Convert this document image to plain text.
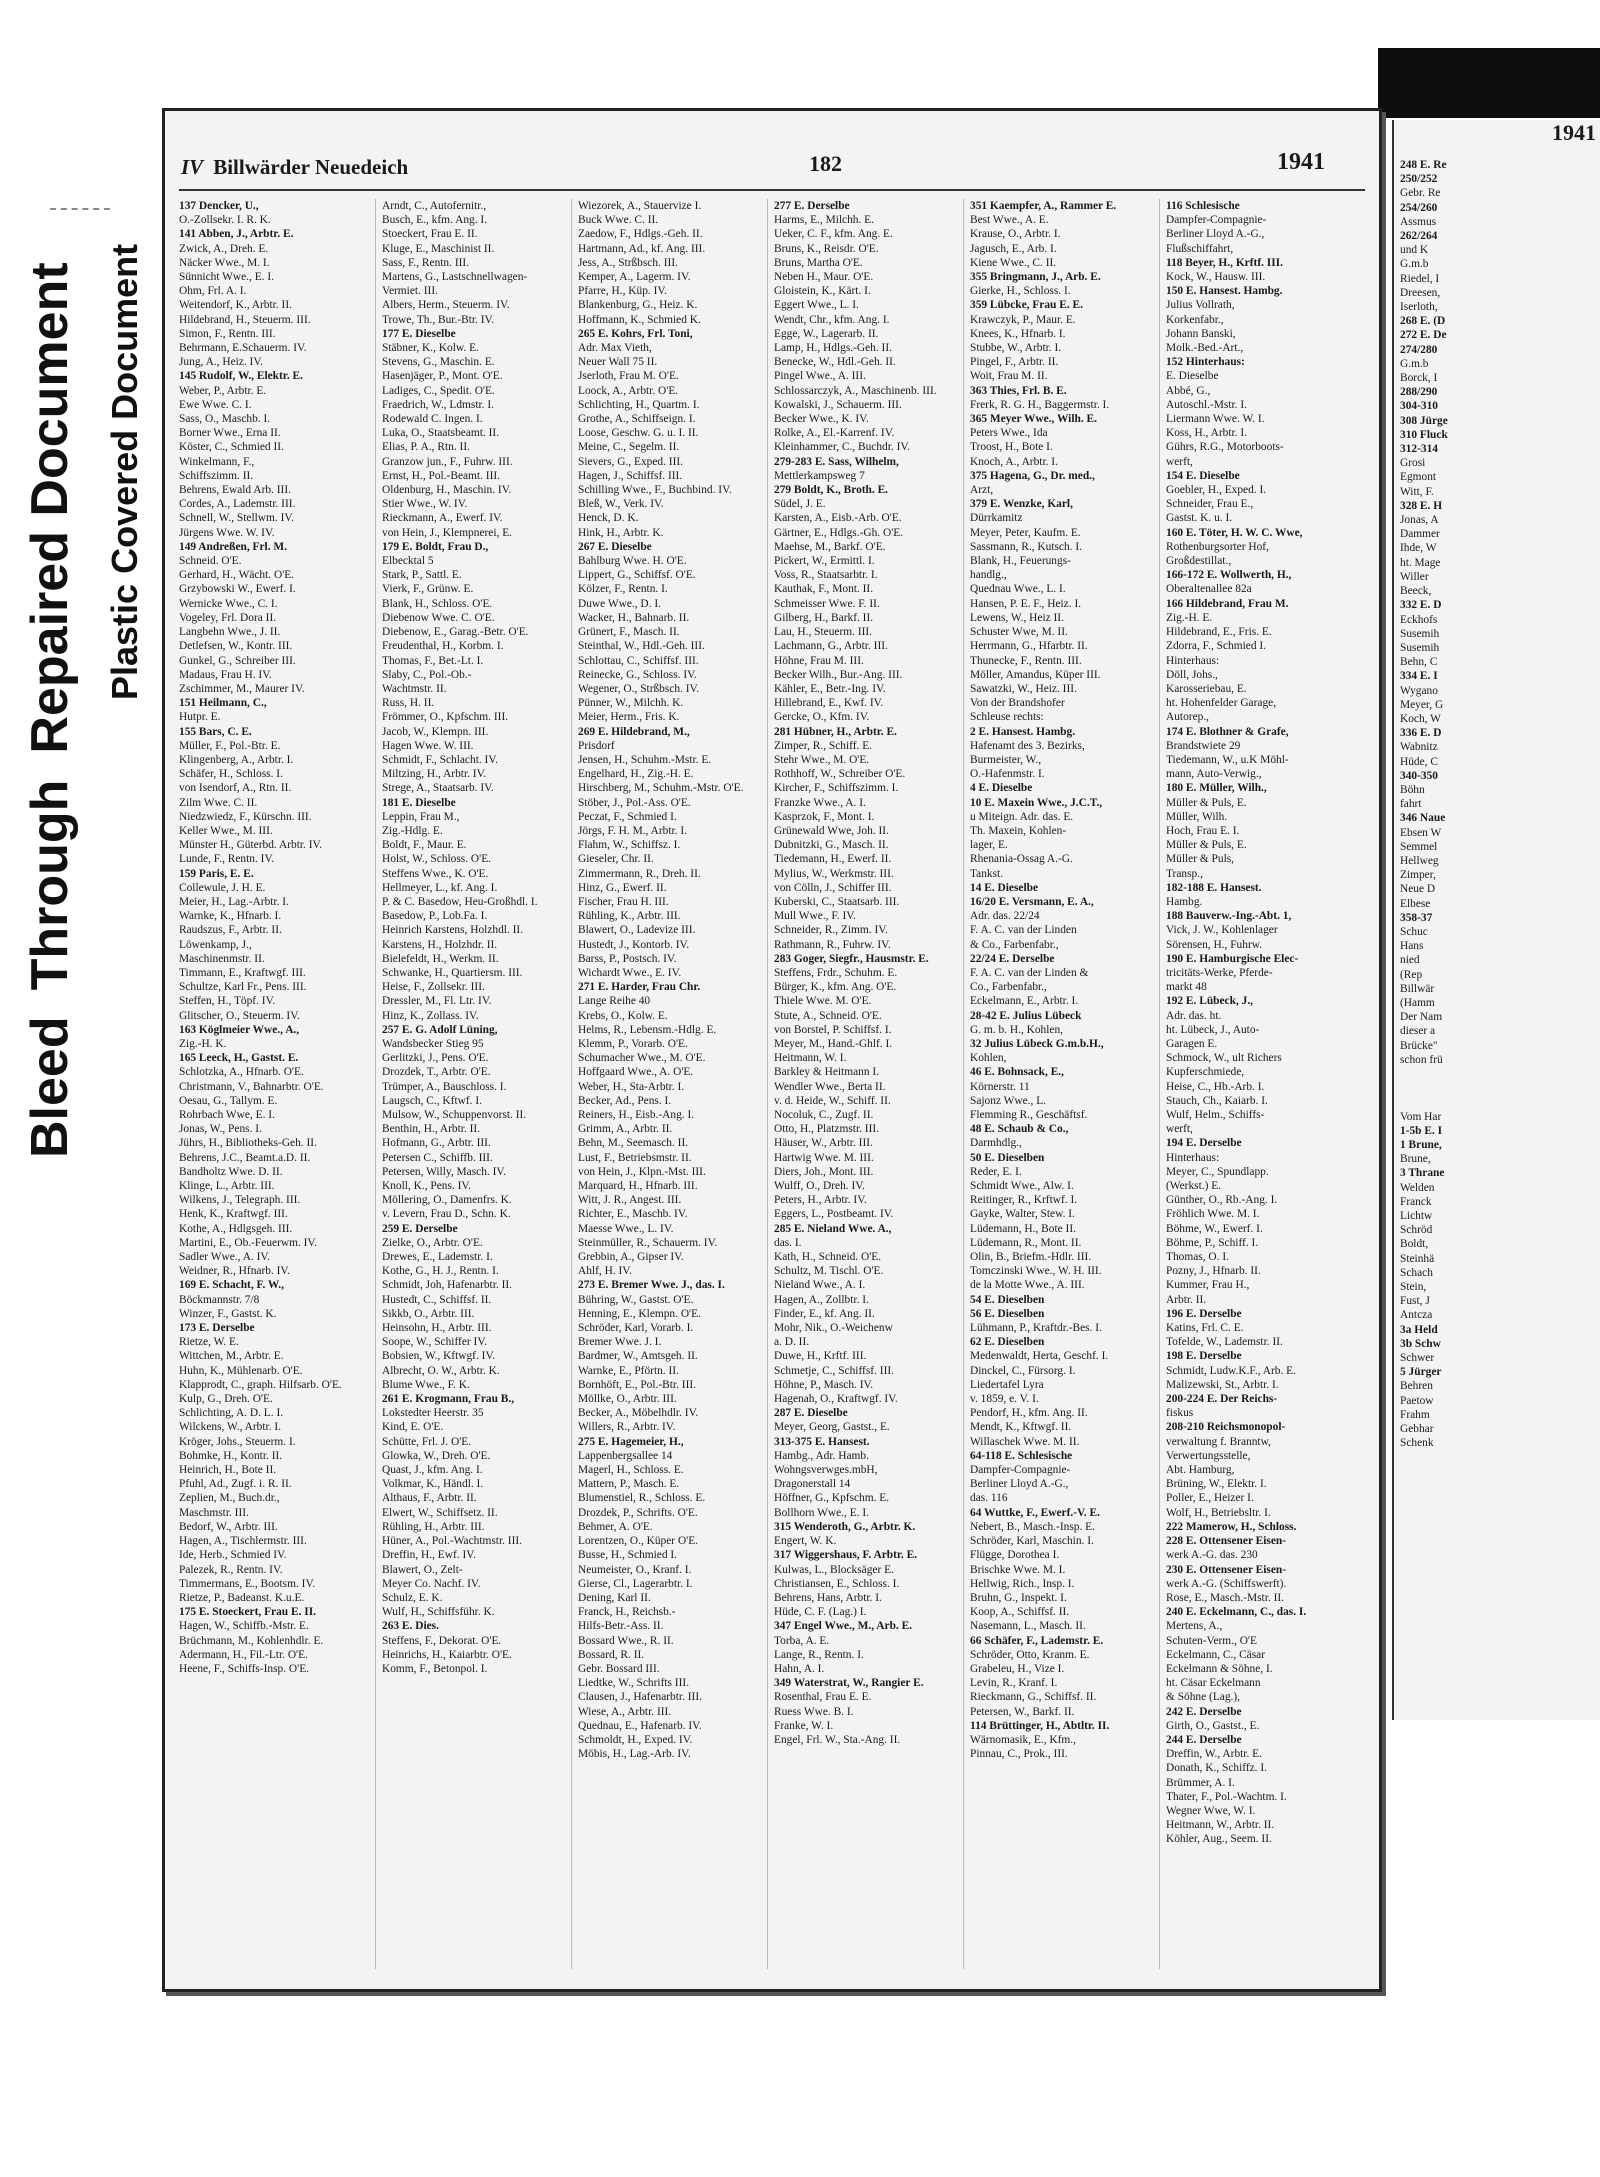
BleedThroughRepaired Document Plastic Covered Document
IV Billwärder Neuedeich	182	1941
137 Dencker, U.,
O.-Zollsekr. I. R. K.
141 Abben, J., Arbtr. E.
Zwick, A., Dreh. E.
Näcker Wwe., M. I.
Sünnicht Wwe., E. I.
Ohm, Frl. A. I.
Weitendorf, K., Arbtr. II.
Hildebrand, H., Steuerm. III.
Simon, F., Rentn. III.
Behrmann, E.Schauerm. IV.
Jung, A., Heiz. IV.
145 Rudolf, W., Elektr. E.
Weber, P., Arbtr. E.
Ewe Wwe. C. I.
Sass, O., Maschb. I.
Borner Wwe., Erna II.
Köster, C., Schmied II.
Winkelmann, F.,
Schiffszimm. II.
Behrens, Ewald Arb. III.
Cordes, A., Lademstr. III.
Schnell, W., Stellwm. IV.
Jürgens Wwe. W. IV.
149 Andreßen, Frl. M.
Schneid. O'E.
Gerhard, H., Wächt. O'E.
Grzybowski W., Ewerf. I.
Wernicke Wwe., C. I.
Vogeley, Frl. Dora II.
Langbehn Wwe., J. II.
Detlefsen, W., Kontr. III.
Gunkel, G., Schreiber III.
Madaus, Frau H. IV.
Zschimmer, M., Maurer IV.
151 Heilmann, C.,
Hutpr. E.
155 Bars, C. E.
Müller, F., Pol.-Btr. E.
Klingenberg, A., Arbtr. I.
Schäfer, H., Schloss. I.
von Isendorf, A., Rtn. II.
Zilm Wwe. C. II.
Niedzwiedz, F., Kürschn. III.
Keller Wwe., M. III.
Münster H., Güterbd. Arbtr. IV.
Lunde, F., Rentn. IV.
159 Paris, E. E.
Collewule, J. H. E.
Meier, H., Lag.-Arbtr. I.
Warnke, K., Hfnarb. I.
Raudszus, F., Arbtr. II.
Löwenkamp, J.,
Maschinenmstr. II.
Timmann, E., Kraftwgf. III.
Schultze, Karl Fr., Pens. III.
Steffen, H., Töpf. IV.
Glitscher, O., Steuerm. IV.
163 Köglmeier Wwe., A.,
Zig.-H. K.
165 Leeck, H., Gastst. E.
Schlotzka, A., Hfnarb. O'E.
Christmann, V., Bahnarbtr. O'E.
Oesau, G., Tallym. E.
Rohrbach Wwe, E. I.
Jonas, W., Pens. I.
Jührs, H., Bibliotheks-Geh. II.
Behrens, J.C., Beamt.a.D. II.
Bandholtz Wwe. D. II.
Klinge, L., Arbtr. III.
Wilkens, J., Telegraph. III.
Henk, K., Kraftwgf. III.
Kothe, A., Hdlgsgeh. III.
Martini, E., Ob.-Feuerwm. IV.
Sadler Wwe., A. IV.
Weidner, R., Hfnarb. IV.
169 E. Schacht, F. W.,
Böckmannstr. 7/8
Winzer, F., Gastst. K.
173 E. Derselbe
Rietze, W. E.
Wittchen, M., Arbtr. E.
Huhn, K., Mühlenarb. O'E.
Klapprodt, C., graph. Hilfsarb. O'E.
Kulp, G., Dreh. O'E.
Schlichting, A. D. L. I.
Wilckens, W., Arbtr. I.
Kröger, Johs., Steuerm. I.
Bohmke, H., Kontr. II.
Heinrich, H., Bote II.
Pfuhl, Ad., Zugf. i. R. II.
Zeplien, M., Buch.dr.,
Maschmstr. III.
Bedorf, W., Arbtr. III.
Hagen, A., Tischlermstr. III.
Ide, Herb., Schmied IV.
Palezek, R., Rentn. IV.
Timmermans, E., Bootsm. IV.
Rietze, P., Badeanst. K.u.E.
175 E. Stoeckert, Frau E. II.
Hagen, W., Schiffb.-Mstr. E.
Brüchmann, M., Kohlenhdlr. E.
Adermann, H., Fil.-Ltr. O'E.
Heene, F., Schiffs-Insp. O'E.
Arndt, C., Autofernitr.,
Busch, E., kfm. Ang. I.
Stoeckert, Frau E. II.
Kluge, E., Maschinist II.
Sass, F., Rentn. III.
Martens, G., Lastschnellwagen-
Vermiet. III.
Albers, Herm., Steuerm. IV.
Trowe, Th., Bur.-Btr. IV.
177 E. Dieselbe
Stäbner, K., Kolw. E.
Stevens, G., Maschin. E.
Hasenjäger, P., Mont. O'E.
Ladiges, C., Spedit. O'E.
Fraedrich, W., Ldmstr. I.
Rodewald C. Ingen. I.
Luka, O., Staatsbeamt. II.
Elias, P. A., Rtn. II.
Granzow jun., F., Fuhrw. III.
Ernst, H., Pol.-Beamt. III.
Oldenburg, H., Maschin. IV.
Stier Wwe., W. IV.
Rieckmann, A., Ewerf. IV.
von Hein, J., Klempnerei, E.
179 E. Boldt, Frau D.,
Elbecktal 5
Stark, P., Sattl. E.
Vierk, F., Grünw. E.
Blank, H., Schloss. O'E.
Diebenow Wwe. C. O'E.
Diebenow, E., Garag.-Betr. O'E.
Freudenthal, H., Korbm. I.
Thomas, F., Bet.-Lt. I.
Slaby, C., Pol.-Ob.-
Wachtmstr. II.
Russ, H. II.
Frömmer, O., Kpfschm. III.
Jacob, W., Klempn. III.
Hagen Wwe. W. III.
Schmidt, F., Schlacht. IV.
Miltzing, H., Arbtr. IV.
Strege, A., Staatsarb. IV.
181 E. Dieselbe
Leppin, Frau M.,
Zig.-Hdlg. E.
Boldt, F., Maur. E.
Holst, W., Schloss. O'E.
Steffens Wwe., K. O'E.
Hellmeyer, L., kf. Ang. I.
P. & C. Basedow, Heu-Großhdl. I.
Basedow, P., Lob.Fa. I.
Heinrich Karstens, Holzhdl. II.
Karstens, H., Holzhdr. II.
Bielefeldt, H., Werkm. II.
Schwanke, H., Quartiersm. III.
Heise, F., Zollsekr. III.
Dressler, M., Fl. Ltr. IV.
Hinz, K., Zollass. IV.
257 E. G. Adolf Lüning,
Wandsbecker Stieg 95
Gerlitzki, J., Pens. O'E.
Drozdek, T., Arbtr. O'E.
Trümper, A., Bauschloss. I.
Laugsch, C., Kftwf. I.
Mulsow, W., Schuppenvorst. II.
Benthin, H., Arbtr. II.
Hofmann, G., Arbtr. III.
Petersen C., Schiffb. III.
Petersen, Willy, Masch. IV.
Knoll, K., Pens. IV.
Möllering, O., Damenfrs. K.
v. Levern, Frau D., Schn. K.
259 E. Derselbe
Zielke, O., Arbtr. O'E.
Drewes, E., Lademstr. I.
Kothe, G., H. J., Rentn. I.
Schmidt, Joh, Hafenarbtr. II.
Hustedt, C., Schiffsf. II.
Sikkb, O., Arbtr. III.
Heinsohn, H., Arbtr. III.
Soope, W., Schiffer IV.
Bobsien, W., Kftwgf. IV.
Albrecht, O. W., Arbtr. K.
Blume Wwe., F. K.
261 E. Krogmann, Frau B.,
Lokstedter Heerstr. 35
Kind, E. O'E.
Schütte, Frl. J. O'E.
Glowka, W., Dreh. O'E.
Quast, J., kfm. Ang. I.
Volkmar, K., Händl. I.
Althaus, F., Arbtr. II.
Elwert, W., Schiffsetz. II.
Rühling, H., Arbtr. III.
Hüner, A., Pol.-Wachtmstr. III.
Dreffin, H., Ewf. IV.
Blawert, O., Zelt-
Meyer Co. Nachf. IV.
Schulz, E. K.
Wulf, H., Schiffsführ. K.
263 E. Dies.
Steffens, F., Dekorat. O'E.
Heinrichs, H., Kaiarbtr. O'E.
Komm, F., Betonpol. I.
Wiezorek, A., Stauervize I.
Buck Wwe. C. II.
Zaedow, F., Hdlgs.-Geh. II.
Hartmann, Ad., kf. Ang. III.
Jess, A., Strßbsch. III.
Kemper, A., Lagerm. IV.
Pfarre, H., Küp. IV.
Blankenburg, G., Heiz. K.
Hoffmann, K., Schmied K.
265 E. Kohrs, Frl. Toni,
Adr. Max Vieth,
Neuer Wall 75 II.
Jserloth, Frau M. O'E.
Loock, A., Arbtr. O'E.
Schlichting, H., Quartm. I.
Grothe, A., Schiffseign. I.
Loose, Geschw. G. u. I. II.
Meine, C., Segelm. II.
Sievers, G., Exped. III.
Hagen, J., Schiffsf. III.
Schilling Wwe., F., Buchbind. IV.
Bleß, W., Verk. IV.
Henck, D. K.
Hink, H., Arbtr. K.
267 E. Dieselbe
Bahlburg Wwe. H. O'E.
Lippert, G., Schiffsf. O'E.
Kölzer, F., Rentn. I.
Duwe Wwe., D. I.
Wacker, H., Bahnarb. II.
Grünert, F., Masch. II.
Steinthal, W., Hdl.-Geh. III.
Schlottau, C., Schiffsf. III.
Reinecke, G., Schloss. IV.
Wegener, O., Strßbsch. IV.
Pünner, W., Milchh. K.
Meier, Herm., Fris. K.
269 E. Hildebrand, M.,
Prisdorf
Jensen, H., Schuhm.-Mstr. E.
Engelhard, H., Zig.-H. E.
Hirschberg, M., Schuhm.-Mstr. O'E.
Stöber, J., Pol.-Ass. O'E.
Peczat, F., Schmied I.
Jörgs, F. H. M., Arbtr. I.
Flahm, W., Schiffsz. I.
Gieseler, Chr. II.
Zimmermann, R., Dreh. II.
Hinz, G., Ewerf. II.
Fischer, Frau H. III.
Rühling, K., Arbtr. III.
Blawert, O., Ladevize III.
Hustedt, J., Kontorb. IV.
Barss, P., Postsch. IV.
Wichardt Wwe., E. IV.
271 E. Harder, Frau Chr.
Lange Reihe 40
Krebs, O., Kolw. E.
Helms, R., Lebensm.-Hdlg. E.
Klemm, P., Vorarb. O'E.
Schumacher Wwe., M. O'E.
Hoffgaard Wwe., A. O'E.
Weber, H., Sta-Arbtr. I.
Becker, Ad., Pens. I.
Reiners, H., Eisb.-Ang. I.
Grimm, A., Arbtr. II.
Behn, M., Seemasch. II.
Lust, F., Betriebsmstr. II.
von Hein, J., Klpn.-Mst. III.
Marquard, H., Hfnarb. III.
Witt, J. R., Angest. III.
Richter, E., Maschb. IV.
Maesse Wwe., L. IV.
Steinmüller, R., Schauerm. IV.
Grebbin, A., Gipser IV.
Ahlf, H. IV.
273 E. Bremer Wwe. J., das. I.
Bühring, W., Gastst. O'E.
Henning, E., Klempn. O'E.
Schröder, Karl, Vorarb. I.
Bremer Wwe. J. I.
Bardmer, W., Amtsgeh. II.
Warnke, E., Pförtn. II.
Bornhöft, E., Pol.-Btr. III.
Möllke, O., Arbtr. III.
Becker, A., Möbelhdlr. IV.
Willers, R., Arbtr. IV.
275 E. Hagemeier, H.,
Lappenbergsallee 14
Magerl, H., Schloss. E.
Mattern, P., Masch. E.
Blumenstiel, R., Schloss. E.
Drozdek, P., Schrifts. O'E.
Behmer, A. O'E.
Lorentzen, O., Küper O'E.
Busse, H., Schmied I.
Neumeister, O., Kranf. I.
Gierse, Cl., Lagerarbtr. I.
Dening, Karl II.
Franck, H., Reichsb.-
Hilfs-Betr.-Ass. II.
Bossard Wwe., R. II.
Bossard, R. II.
Gebr. Bossard III.
Liedtke, W., Schrifts III.
Clausen, J., Hafenarbtr. III.
Wiese, A., Arbtr. III.
Quednau, E., Hafenarb. IV.
Schmoldt, H., Exped. IV.
Möbis, H., Lag.-Arb. IV.
277 E. Derselbe
Harms, E., Milchh. E.
Ueker, C. F., kfm. Ang. E.
Bruns, K., Reisdr. O'E.
Bruns, Martha O'E.
Neben H., Maur. O'E.
Gloistein, K., Kärt. I.
Eggert Wwe., L. I.
Wendt, Chr., kfm. Ang. I.
Egge, W., Lagerarb. II.
Lamp, H., Hdlgs.-Geh. II.
Benecke, W., Hdl.-Geh. II.
Pingel Wwe., A. III.
Schlossarczyk, A., Maschinenb. III.
Kowalski, J., Schauerm. III.
Becker Wwe., K. IV.
Rolke, A., El.-Karrenf. IV.
Kleinhammer, C., Buchdr. IV.
279-283 E. Sass, Wilhelm,
Mettlerkampsweg 7
279 Boldt, K., Broth. E.
Südel, J. E.
Karsten, A., Eisb.-Arb. O'E.
Gärtner, E., Hdlgs.-Gh. O'E.
Maehse, M., Barkf. O'E.
Pickert, W., Ermittl. I.
Voss, R., Staatsarbtr. I.
Kauthak, F., Mont. II.
Schmeisser Wwe. F. II.
Gilberg, H., Barkf. II.
Lau, H., Steuerm. III.
Lachmann, G., Arbtr. III.
Höhne, Frau M. III.
Becker Wilh., Bur.-Ang. III.
Kähler, E., Betr.-Ing. IV.
Hillebrand, E., Kwf. IV.
Gercke, O., Kfm. IV.
281 Hübner, H., Arbtr. E.
Zimper, R., Schiff. E.
Stehr Wwe., M. O'E.
Rothhoff, W., Schreiber O'E.
Kircher, F., Schiffszimm. I.
Franzke Wwe., A. I.
Kasprzok, F., Mont. I.
Grünewald Wwe, Joh. II.
Dubnitzki, G., Masch. II.
Tiedemann, H., Ewerf. II.
Mylius, W., Werkmstr. III.
von Cölln, J., Schiffer III.
Kuberski, C., Staatsarb. III.
Mull Wwe., F. IV.
Schneider, R., Zimm. IV.
Rathmann, R., Fuhrw. IV.
283 Goger, Siegfr., Hausmstr. E.
Steffens, Frdr., Schuhm. E.
Bürger, K., kfm. Ang. O'E.
Thiele Wwe. M. O'E.
Stute, A., Schneid. O'E.
von Borstel, P. Schiffsf. I.
Meyer, M., Hand.-Ghlf. I.
Heitmann, W. I.
Barkley & Heitmann I.
Wendler Wwe., Berta II.
v. d. Heide, W., Schiff. II.
Nocoluk, C., Zugf. II.
Otto, H., Platzmstr. III.
Häuser, W., Arbtr. III.
Hartwig Wwe. M. III.
Diers, Joh., Mont. III.
Wulff, O., Dreh. IV.
Peters, H., Arbtr. IV.
Eggers, L., Postbeamt. IV.
285 E. Nieland Wwe. A.,
das. I.
Kath, H., Schneid. O'E.
Schultz, M. Tischl. O'E.
Nieland Wwe., A. I.
Hagen, A., Zollbtr. I.
Finder, E., kf. Ang. II.
Mohr, Nik., O.-Weichenw
a. D. II.
Duwe, H., Krftf. III.
Schmetje, C., Schiffsf. III.
Höhne, P., Masch. IV.
Hagenah, O., Kraftwgf. IV.
287 E. Dieselbe
Meyer, Georg, Gastst., E.
313-375 E. Hansest.
Hambg., Adr. Hamb.
Wohngsverwges.mbH,
Dragonerstall 14
Höffner, G., Kpfschm. E.
Bollhorn Wwe., E. I.
315 Wenderoth, G., Arbtr. K.
Engert, W. K.
317 Wiggershaus, F. Arbtr. E.
Kulwas, L., Blocksäger E.
Christiansen, E., Schloss. I.
Behrens, Hans, Arbtr. I.
Hüde, C. F. (Lag.) I.
347 Engel Wwe., M., Arb. E.
Torba, A. E.
Lange, R., Rentn. I.
Hahn, A. I.
349 Waterstrat, W., Rangier E.
Rosenthal, Frau E. E.
Ruess Wwe. B. I.
Franke, W. I.
Engel, Frl. W., Sta.-Ang. II.
351 Kaempfer, A., Rammer E.
Best Wwe., A. E.
Krause, O., Arbtr. I.
Jagusch, E., Arb. I.
Kiene Wwe., C. II.
355 Bringmann, J., Arb. E.
Gierke, H., Schloss. I.
359 Lübcke, Frau E. E.
Krawczyk, P., Maur. E.
Knees, K., Hfnarb. I.
Stubbe, W., Arbtr. I.
Pingel, F., Arbtr. II.
Woit, Frau M. II.
363 Thies, Frl. B. E.
Frerk, R. G. H., Baggermstr. I.
365 Meyer Wwe., Wilh. E.
Peters Wwe., Ida
Troost, H., Bote I.
Knoch, A., Arbtr. I.
375 Hagena, G., Dr. med.,
Arzt,
379 E. Wenzke, Karl,
Dürrkamitz
Meyer, Peter, Kaufm. E.
Sassmann, R., Kutsch. I.
Blank, H., Feuerungs-
handlg.,
Quednau Wwe., L. I.
Hansen, P. E. F., Heiz. I.
Lewens, W., Heiz II.
Schuster Wwe, M. II.
Herrmann, G., Hfarbtr. II.
Thunecke, F., Rentn. III.
Möller, Amandus, Küper III.
Sawatzki, W., Heiz. III.
Von der Brandshofer
Schleuse rechts:
2 E. Hansest. Hambg.
Hafenamt des 3. Bezirks,
Burmeister, W.,
O.-Hafenmstr. I.
4 E. Dieselbe
10 E. Maxein Wwe., J.C.T.,
u Miteign. Adr. das. E.
Th. Maxein, Kohlen-
lager, E.
Rhenania-Ossag A.-G.
Tankst.
14 E. Dieselbe
16/20 E. Versmann, E. A.,
Adr. das. 22/24
F. A. C. van der Linden
& Co., Farbenfabr.,
22/24 E. Derselbe
F. A. C. van der Linden &
Co., Farbenfabr.,
Eckelmann, E., Arbtr. I.
28-42 E. Julius Lübeck
G. m. b. H., Kohlen,
32 Julius Lübeck G.m.b.H.,
Kohlen,
46 E. Bohnsack, E.,
Körnerstr. 11
Sajonz Wwe., L.
Flemming R., Geschäftsf.
48 E. Schaub & Co.,
Darmhdlg.,
50 E. Dieselben
Reder, E. I.
Schmidt Wwe., Alw. I.
Reitinger, R., Krftwf. I.
Gayke, Walter, Stew. I.
Lüdemann, H., Bote II.
Lüdemann, R., Mont. II.
Olin, B., Briefm.-Hdlr. III.
Tomczinski Wwe., W. H. III.
de la Motte Wwe., A. III.
54 E. Dieselben
56 E. Dieselben
Lühmann, P., Kraftdr.-Bes. I.
62 E. Dieselben
Medenwaldt, Herta, Geschf. I.
Dinckel, C., Fürsorg. I.
Liedertafel Lyra
v. 1859, e. V. I.
Pendorf, H., kfm. Ang. II.
Mendt, K., Kftwgf. II.
Willaschek Wwe. M. II.
64-118 E. Schlesische
Dampfer-Compagnie-
Berliner Lloyd A.-G.,
das. 116
64 Wuttke, F., Ewerf.-V. E.
Nebert, B., Masch.-Insp. E.
Schröder, Karl, Maschin. I.
Flügge, Dorothea I.
Brischke Wwe. M. I.
Hellwig, Rich., Insp. I.
Bruhn, G., Inspekt. I.
Koop, A., Schiffsf. II.
Nasemann, L., Masch. II.
66 Schäfer, F., Lademstr. E.
Schröder, Otto, Kranm. E.
Grabeleu, H., Vize I.
Levin, R., Kranf. I.
Rieckmann, G., Schiffsf. II.
Petersen, W., Barkf. II.
114 Brüttinger, H., Abtltr. II.
Wärnomasik, E., Kfm.,
Pinnau, C., Prok., III.
116 Schlesische
Dampfer-Compagnie-
Berliner Lloyd A.-G.,
Flußschiffahrt,
118 Beyer, H., Krftf. III.
Kock, W., Hausw. III.
150 E. Hansest. Hambg.
Julius Vollrath,
Korkenfabr.,
Johann Banski,
Molk.-Bed.-Art.,
152 Hinterhaus:
E. Dieselbe
Abbé, G.,
Autoschl.-Mstr. I.
Liermann Wwe. W. I.
Koss, H., Arbtr. I.
Gührs, R.G., Motorboots-
werft,
154 E. Dieselbe
Goebler, H., Exped. I.
Schneider, Frau E.,
Gastst. K. u. I.
160 E. Töter, H. W. C. Wwe,
Rothenburgsorter Hof,
Großdestillat.,
166-172 E. Wollwerth, H.,
Oberaltenallee 82a
166 Hildebrand, Frau M.
Zig.-H. E.
Hildebrand, E., Fris. E.
Zdorra, F., Schmied I.
Hinterhaus:
Döll, Johs.,
Karosseriebau, E.
ht. Hohenfelder Garage,
Autorep.,
174 E. Blothner & Grafe,
Brandstwiete 29
Tiedemann, W., u.K Möhl-
mann, Auto-Verwig.,
180 E. Müller, Wilh.,
Müller & Puls, E.
Müller, Wilh.
Hoch, Frau E. I.
Müller & Puls, E.
Müller & Puls,
Transp.,
182-188 E. Hansest.
Hambg.
188 Bauverw.-Ing.-Abt. 1,
Vick, J. W., Kohlenlager
Sörensen, H., Fuhrw.
190 E. Hamburgische Elec-
tricitäts-Werke, Pferde-
markt 48
192 E. Lübeck, J.,
Adr. das. ht.
ht. Lübeck, J., Auto-
Garagen E.
Schmock, W., ult Richers
Kupferschmiede,
Heise, C., Hb.-Arb. I.
Stauch, Ch., Kaiarb. I.
Wulf, Helm., Schiffs-
werft,
194 E. Derselbe
Hinterhaus:
Meyer, C., Spundlapp.
(Werkst.) E.
Günther, O., Rb.-Ang. I.
Fröhlich Wwe. M. I.
Böhme, W., Ewerf. I.
Böhme, P., Schiff. I.
Thomas, O. I.
Pozny, J., Hfnarb. II.
Kummer, Frau H.,
Arbtr. II.
196 E. Derselbe
Katins, Frl. C. E.
Tofelde, W., Lademstr. II.
198 E. Derselbe
Schmidt, Ludw.K.F., Arb. E.
Malizewski, St., Arbtr. I.
200-224 E. Der Reichs-
fiskus
208-210 Reichsmonopol-
verwaltung f. Branntw,
Verwertungsstelle,
Abt. Hamburg,
Brüning, W., Elektr. I.
Poller, E., Heizer I.
Wolf, H., Betriebsltr. I.
222 Mamerow, H., Schloss.
228 E. Ottensener Eisen-
werk A.-G. das. 230
230 E. Ottensener Eisen-
werk A.-G. (Schiffswerft).
Rose, E., Masch.-Mstr. II.
240 E. Eckelmann, C., das. I.
Mertens, A.,
Schuten-Verm., O'E
Eckelmann, C., Cäsar
Eckelmann & Söhne, I.
ht. Cäsar Eckelmann
& Söhne (Lag.),
242 E. Derselbe
Girth, O., Gastst., E.
244 E. Derselbe
Dreffin, W., Arbtr. E.
Donath, K., Schiffz. I.
Brümmer, A. I.
Thater, F., Pol.-Wachtm. I.
Wegner Wwe, W. I.
Heitmann, W., Arbtr. II.
Köhler, Aug., Seem. II.
1941
248 E. Re
250/252
Gebr. Re
254/260
Assmus
262/264
und K
G.m.b
Riedel, I
Dreesen,
Iserloth,
268 E. (D
272 E. De
274/280
G.m.b
Borck, I
288/290
304-310
308 Jürge
310 Fluck
312-314
Grosi
Egmont
Witt, F.
328 E. H
Jonas, A
Dammer
Ihde, W
ht. Mage
Willer
Beeck,
332 E. D
Eckhofs
Susemih
Susemih
Behn, C
334 E. I
Wygano
Meyer, G
Koch, W
336 E. D
Wabnitz
Hüde, C
340-350
Böhn
fahrt
346 Naue
Ebsen W
Semmel
Hellweg
Zimper,
Neue D
Elbese
358-37
Schuc
Hans
nied
(Rep
Billwär
(Hamm
Der Nam
dieser a
Brücke"
schon frü

Vom Har
1-5b E. I
1 Brune,
Brune,
3 Thrane
Welden
Franck
Lichtw
Schröd
Boldt,
Steinhä
Schach
Stein,
Fust, J
Antcza
3a Held
3b Schw
Schwer
5 Jürger
Behren
Paetow
Frahm
Gebhar
Schenk
